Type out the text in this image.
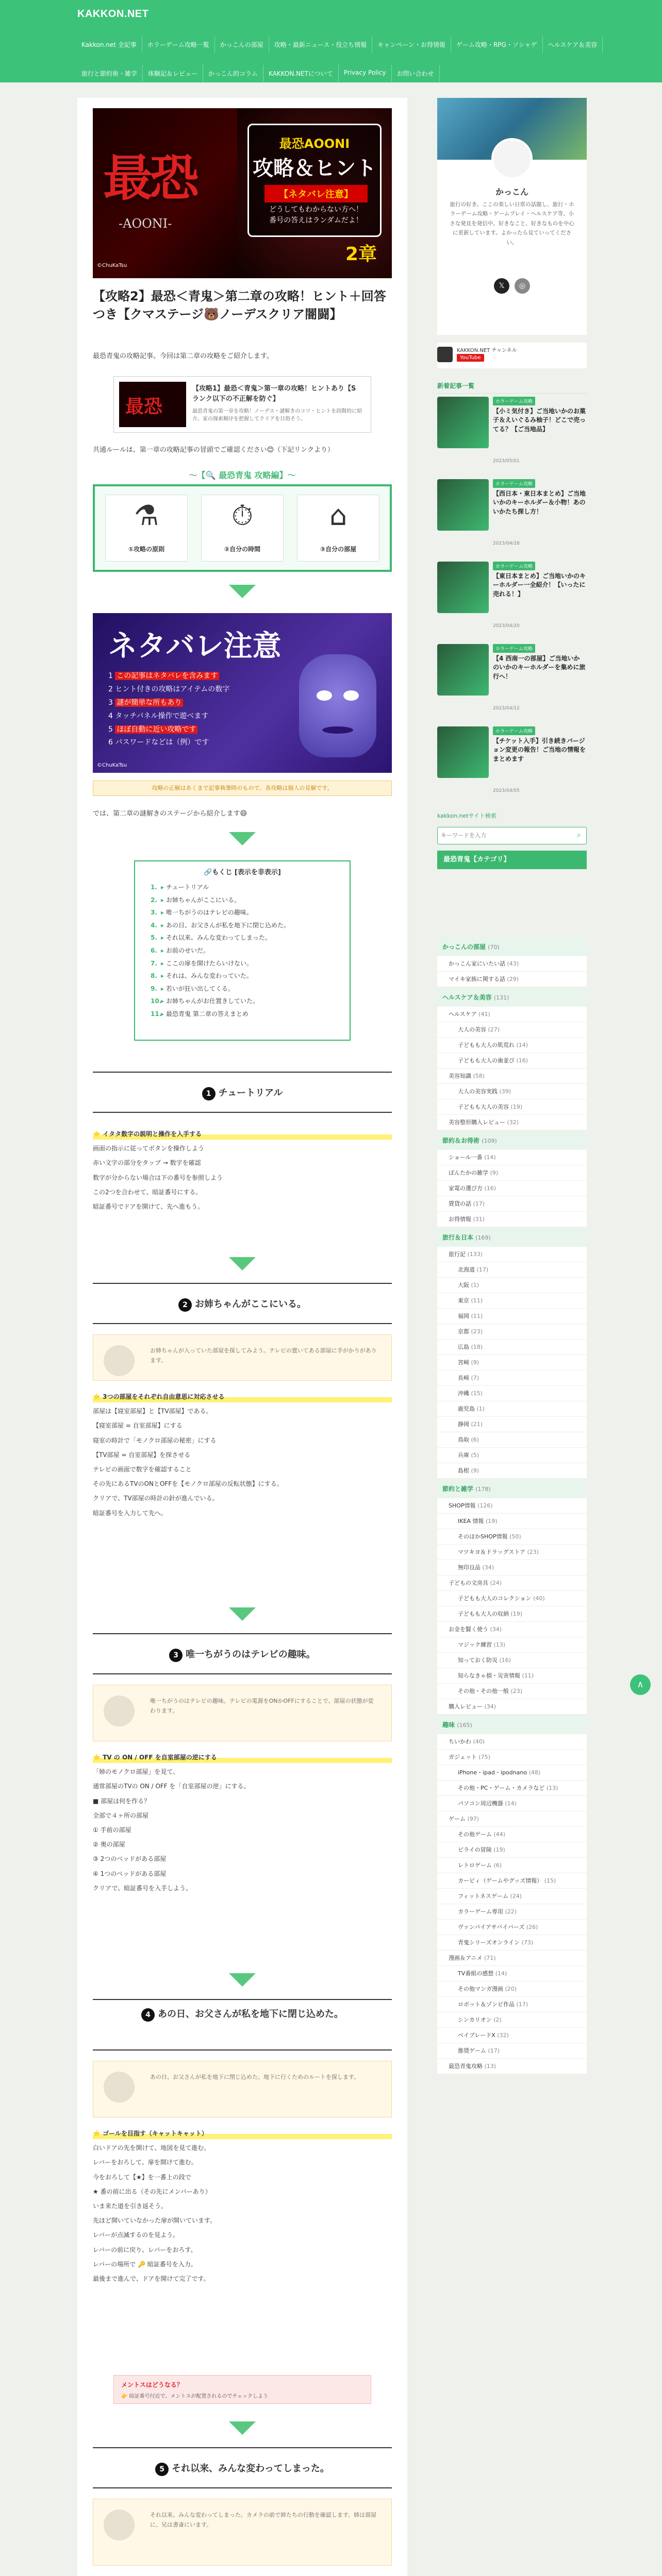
KAKKON.NET
Kakkon.net 全記事	ホラーゲーム攻略一覧	かっこんの部屋	攻略・最新ニュース・役立ち情報	キャンペーン・お得情報	ゲーム攻略・RPG・ソシャゲ	ヘルスケア＆美容
旅行と節約術・雑学	体験記＆レビュー	かっこん的コラム	KAKKON.NETについて	Privacy Policy	お問い合わせ
最恐
-AOONI-
©ChuKaTsu
最恐AOONI
攻略＆ヒント
【ネタバレ注意】
どうしてもわからない方へ！
番号の答えはランダムだよ！
2章
【攻略2】最恐＜青鬼＞第二章の攻略！ヒント＋回答つき【クマステージ🐻ノーデスクリア闇闘】

最恐青鬼の攻略記事。今回は第二章の攻略をご紹介します。

最恐
【攻略1】最恐＜青鬼＞第一章の攻略！ヒントあり【Sランク以下の不正解を防ぐ】
最恐青鬼の第一章を攻略！ノーデス・謎解きのコツ・ヒントを段階的に紹介。家の探索順序を把握してクリアを目指そう。

共通ルールは、第一章の攻略記事の冒頭でご確認ください😊（下記リンクより）

〜【🔍 最恐青鬼 攻略編】〜
⚗
①攻略の原則
⏱
②自分の時間
⌂
③自分の部屋
ネタバレ注意
1 この記事はネタバレを含みます
2 ヒント付きの攻略はアイテムの数字
3 謎が簡単な所もあり
4 タッチパネル操作で遊べます
5 ほぼ自動に近い攻略です
6 パスワードなどは（例）です
©ChuKaTsu
攻略の正解はあくまで記事執筆時のもので、各攻略は個人の見解です。

では、第二章の謎解きのステージから紹介します😄

🔗もくじ [表示を非表示]
1. ▸ チュートリアル
2. ▸ お姉ちゃんがここにいる。
3. ▸ 唯一ちがうのはテレビの趣味。
4. ▸ あの日、お父さんが私を地下に閉じ込めた。
5. ▸ それ以来、みんな変わってしまった。
6. ▸ お前のせいだ。
7. ▸ ここの扉を開けたらいけない。
8. ▸ それは、みんな変わっていた。
9. ▸ 若いが狂い出してくる。
10.▸ お姉ちゃんがお仕置きしていた。
11.▸ 最恐青鬼 第二章の答えまとめ
1 チュートリアル

⭐ イタタ数字の説明と操作を入手する

画面の指示に従ってボタンを操作しよう

赤い文字の部分をタップ → 数字を確認

数字が分からない場合は下の番号を参照しよう

この2つを合わせて、暗証番号にする。

暗証番号でドアを開けて、先へ進もう。

2 お姉ちゃんがここにいる。
お姉ちゃんが入っていた部屋を探してみよう。テレビの置いてある部屋に手がかりがあります。

⭐ 3つの部屋をそれぞれ自由意思に対応させる

部屋は【寝室部屋】と【TV部屋】である。

【寝室部屋 = 自室部屋】にする

寝室の時計で「モノクロ部屋の秘密」にする

【TV部屋 = 自室部屋】を探させる

テレビの画面で数字を確認すること

その先にあるTVのONとOFFを【モノクロ部屋の反転状態】にする。

クリアで、TV部屋の時計の針が進んでいる。

暗証番号を入力して先へ。

3 唯一ちがうのはテレビの趣味。
唯一ちがうのはテレビの趣味。テレビの電源をONかOFFにすることで、部屋の状態が変わります。

⭐ TV の ON / OFF を自室部屋の逆にする

「姉のモノクロ部屋」を見て、

通常部屋のTVの ON / OFF を「自室部屋の逆」にする。

■ 部屋は何を作る？

全部で４ヶ所の部屋

① 手前の部屋

② 奥の部屋

③ 2つのベッドがある部屋

④ 1つのベッドがある部屋

クリアで、暗証番号を入手しよう。

4 あの日、お父さんが私を地下に閉じ込めた。
あの日、お父さんが私を地下に閉じ込めた。地下に行くためのルートを探します。

⭐ ゴールを目指す（キャットキャット）

白いドアの先を開けて、地図を見て進む。

レバーをおろして、扉を開けて進む。

今をおろして【★】を一番上の段で

★ 番の前に出る（その先にメンバーあり）

いま来た道を引き返そう。

先ほど開いていなかった扉が開いています。

レバーが点滅するのを見よう。

レバーの前に戻り、レバーをおろす。

レバーの場所で 🔑 暗証番号を入力。

最後まで進んで、ドアを開けて完了です。

メントスはどうなる？
👉 暗証番号付近で、メントスが配置されるのでチェックしよう
5 それ以来、みんな変わってしまった。
それ以来、みんな変わってしまった。カメラの前で姉たちの行動を確認します。姉は部屋に、兄は書斎にいます。

かっこん
旅行の好き。ここの楽しい日常の話題し、旅行・ホラーゲーム攻略・ゲームプレイ・ヘルスケア等、小さな発見を発信中。好きなこと、好きなものを中心に更新しています。よかったら見ていってください。
𝕏	◎
KAKKON.NET チャンネル
YouTube
新着記事一覧
ホラーゲーム攻略
【小ミ気付き】ご当地いかのお菓子＆えいぐるみ柚子！どこで売ってる？【ご当地品】
2023/05/01
ホラーゲーム攻略
【西日本・東日本まとめ】ご当地いかのキーホルダー＆小物！あのいかたち探し方！
2023/04/28
ホラーゲーム攻略
【東日本まとめ】ご当地いかのキーホルダー一全紹介！【いったに売れる！】
2023/04/20
ホラーゲーム攻略
【4 西南一の部屋】ご当地いかのいかのキーホルダーを集めに旅行へ！
2023/04/12
ホラーゲーム攻略
【チケット入手】引き続きバージョン変更の報告！ご当地の情報をまとめます
2023/04/05
kakkon.netサイト検索
キーワードを入力
⌕
最恐青鬼【カテゴリ】
かっこんの部屋 (70)
かっこん家にいたい話 (43)
マイキ家族に関する話 (29)
ヘルスケア＆美容 (131)
ヘルスケア (41)
大人の美容 (27)
子どもも大人の肌荒れ (14)
子どもも大人の歯並び (16)
美容知識 (58)
大人の美容実践 (39)
子どもも大人の美容 (19)
美容整形購入レビュー (32)
節約＆お得術 (109)
ショール一番 (14)
ぽんたかの雑学 (9)
家電の選び方 (16)
賃貸の話 (17)
お得情報 (31)
旅行＆日本 (169)
旅行記 (133)
北海道 (17)
大阪 (1)
東京 (11)
福岡 (11)
京都 (23)
広島 (18)
宮崎 (9)
長崎 (7)
沖縄 (15)
鹿児島 (1)
静岡 (21)
鳥取 (6)
兵庫 (5)
島根 (9)
節約と雑学 (178)
SHOP情報 (126)
IKEA 情報 (19)
そのほかSHOP情報 (50)
マツキヨ＆ドラッグストア (23)
無印良品 (34)
子どもの文房具 (24)
子どもも大人のコレクション (40)
子どもも大人の収納 (19)
お金を賢く使う (34)
マジック練習 (13)
知っておく防災 (16)
知らなきゃ損・災害情報 (11)
その他・その他一般 (23)
購入レビュー (34)
趣味 (165)
ちいかわ (40)
ガジェット (75)
iPhone・ipad・ipodnano (48)
その他・PC・ゲーム・カメラなど (13)
パソコン周辺機器 (14)
ゲーム (97)
その他ゲーム (44)
ビライの冒険 (19)
レトロゲーム (6)
カービィ（ゲームやグッズ情報） (15)
フィットネスゲーム (24)
カラーゲーム専用 (22)
ヴァンパイアサバイバーズ (26)
青鬼シリーズオンライン (73)
漫画＆アニメ (71)
TV番組の感想 (14)
その他マンガ漫画 (20)
ロボット＆ゾンビ作品 (17)
シンカリオン (2)
ベイブレードX (32)
推奨ゲーム (17)
最恐青鬼攻略 (13)
∧
